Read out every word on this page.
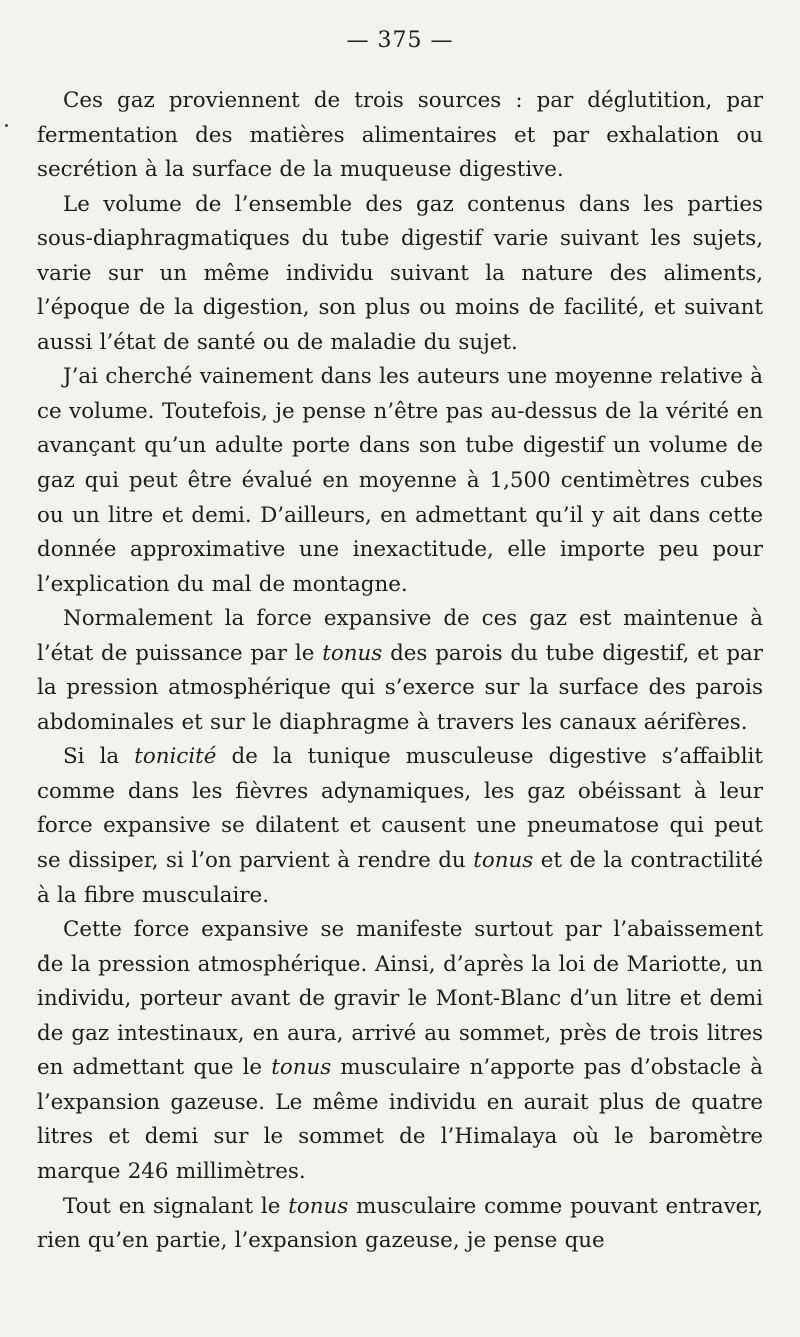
— 375 —

Ces gaz proviennent de trois sources : par déglutition, par fermentation des matières alimentaires et par exhalation ou secrétion à la surface de la muqueuse digestive.

Le volume de l’ensemble des gaz contenus dans les parties sous-diaphragmatiques du tube digestif varie suivant les sujets, varie sur un même individu suivant la nature des aliments, l’époque de la digestion, son plus ou moins de facilité, et suivant aussi l’état de santé ou de maladie du sujet.

J’ai cherché vainement dans les auteurs une moyenne relative à ce volume. Toutefois, je pense n’être pas au-dessus de la vérité en avançant qu’un adulte porte dans son tube digestif un volume de gaz qui peut être évalué en moyenne à 1,500 centimètres cubes ou un litre et demi. D’ailleurs, en admettant qu’il y ait dans cette donnée approximative une inexactitude, elle importe peu pour l’explication du mal de montagne.

Normalement la force expansive de ces gaz est maintenue à l’état de puissance par le tonus des parois du tube digestif, et par la pression atmosphérique qui s’exerce sur la surface des parois abdominales et sur le diaphragme à travers les canaux aérifères.

Si la tonicité de la tunique musculeuse digestive s’affaiblit comme dans les fièvres adynamiques, les gaz obéissant à leur force expansive se dilatent et causent une pneumatose qui peut se dissiper, si l’on parvient à rendre du tonus et de la contractilité à la fibre musculaire.

Cette force expansive se manifeste surtout par l’abaissement de la pression atmosphérique. Ainsi, d’après la loi de Mariotte, un individu, porteur avant de gravir le Mont-Blanc d’un litre et demi de gaz intestinaux, en aura, arrivé au sommet, près de trois litres en admettant que le tonus musculaire n’apporte pas d’obstacle à l’expansion gazeuse. Le même individu en aurait plus de quatre litres et demi sur le sommet de l’Himalaya où le baromètre marque 246 millimètres.

Tout en signalant le tonus musculaire comme pouvant entraver, rien qu’en partie, l’expansion gazeuse, je pense que
